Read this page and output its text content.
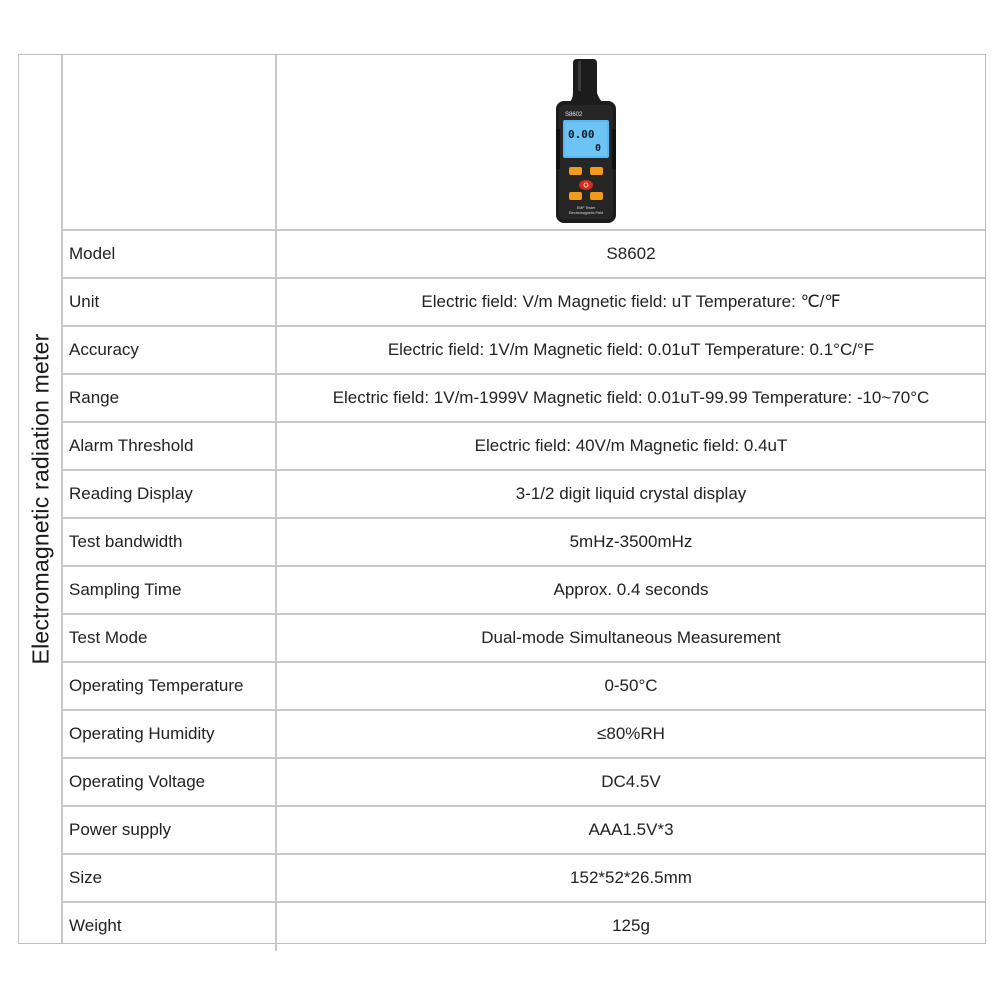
Electromagnetic radiation meter
S8602
0.00
0
EMF Tester
Electromagnetic Field
Model	S8602
Unit	Electric field: V/m Magnetic field: uT Temperature: ℃/℉
Accuracy	Electric field: 1V/m Magnetic field: 0.01uT Temperature: 0.1°C/°F
Range	Electric field: 1V/m-1999V Magnetic field: 0.01uT-99.99 Temperature: -10~70°C
Alarm Threshold	Electric field: 40V/m Magnetic field: 0.4uT
Reading Display	3-1/2 digit liquid crystal display
Test bandwidth	5mHz-3500mHz
Sampling Time	Approx. 0.4 seconds
Test Mode	Dual-mode Simultaneous Measurement
Operating Temperature	0-50°C
Operating Humidity	≤80%RH
Operating Voltage	DC4.5V
Power supply	AAA1.5V*3
Size	152*52*26.5mm
Weight	125g
